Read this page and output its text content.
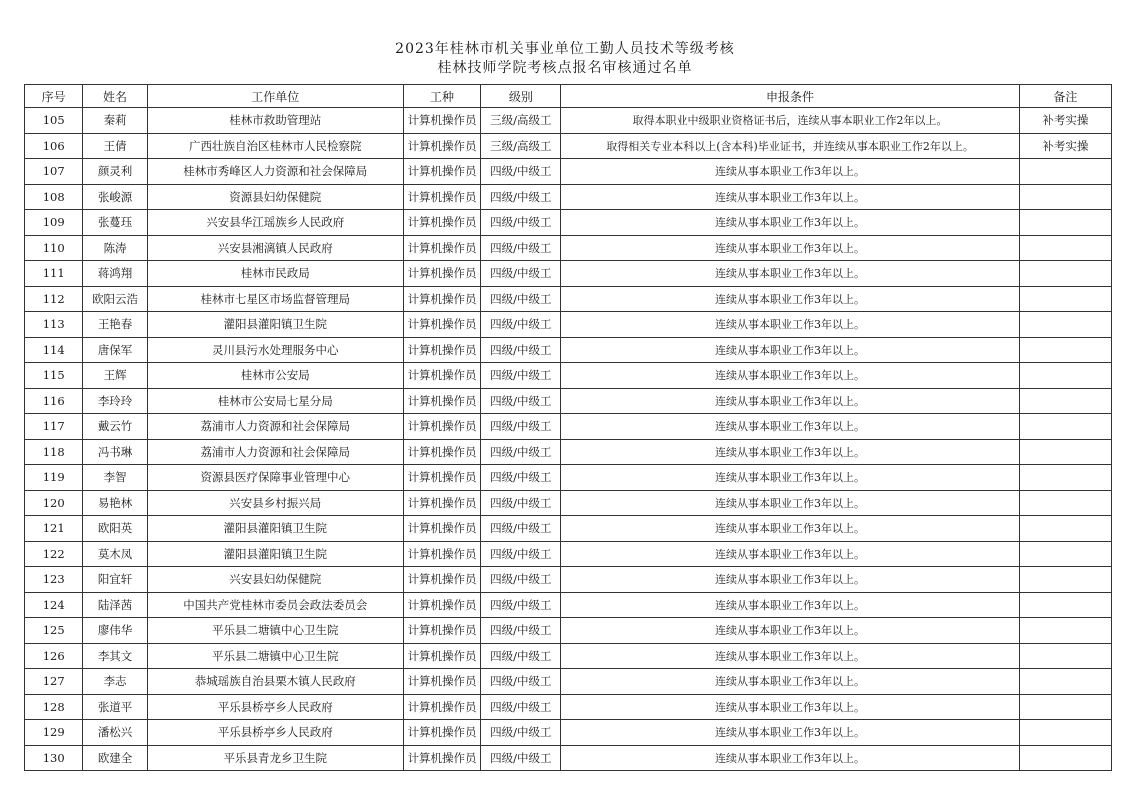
2023年桂林市机关事业单位工勤人员技术等级考核
桂林技师学院考核点报名审核通过名单
序号	姓名	工作单位	工种	级别	申报条件	备注
105	秦莉	桂林市救助管理站	计算机操作员	三级/高级工	取得本职业中级职业资格证书后，连续从事本职业工作2年以上。	补考实操
106	王倩	广西壮族自治区桂林市人民检察院	计算机操作员	三级/高级工	取得相关专业本科以上(含本科)毕业证书，并连续从事本职业工作2年以上。	补考实操
107	颜灵利	桂林市秀峰区人力资源和社会保障局	计算机操作员	四级/中级工	连续从事本职业工作3年以上。	
108	张峻源	资源县妇幼保健院	计算机操作员	四级/中级工	连续从事本职业工作3年以上。	
109	张蔓珏	兴安县华江瑶族乡人民政府	计算机操作员	四级/中级工	连续从事本职业工作3年以上。	
110	陈涛	兴安县湘漓镇人民政府	计算机操作员	四级/中级工	连续从事本职业工作3年以上。	
111	蒋鸿翔	桂林市民政局	计算机操作员	四级/中级工	连续从事本职业工作3年以上。	
112	欧阳云浩	桂林市七星区市场监督管理局	计算机操作员	四级/中级工	连续从事本职业工作3年以上。	
113	王艳春	灌阳县灌阳镇卫生院	计算机操作员	四级/中级工	连续从事本职业工作3年以上。	
114	唐保军	灵川县污水处理服务中心	计算机操作员	四级/中级工	连续从事本职业工作3年以上。	
115	王辉	桂林市公安局	计算机操作员	四级/中级工	连续从事本职业工作3年以上。	
116	李玲玲	桂林市公安局七星分局	计算机操作员	四级/中级工	连续从事本职业工作3年以上。	
117	戴云竹	荔浦市人力资源和社会保障局	计算机操作员	四级/中级工	连续从事本职业工作3年以上。	
118	冯书琳	荔浦市人力资源和社会保障局	计算机操作员	四级/中级工	连续从事本职业工作3年以上。	
119	李智	资源县医疗保障事业管理中心	计算机操作员	四级/中级工	连续从事本职业工作3年以上。	
120	易艳林	兴安县乡村振兴局	计算机操作员	四级/中级工	连续从事本职业工作3年以上。	
121	欧阳英	灌阳县灌阳镇卫生院	计算机操作员	四级/中级工	连续从事本职业工作3年以上。	
122	莫木凤	灌阳县灌阳镇卫生院	计算机操作员	四级/中级工	连续从事本职业工作3年以上。	
123	阳宜轩	兴安县妇幼保健院	计算机操作员	四级/中级工	连续从事本职业工作3年以上。	
124	陆泽茜	中国共产党桂林市委员会政法委员会	计算机操作员	四级/中级工	连续从事本职业工作3年以上。	
125	廖伟华	平乐县二塘镇中心卫生院	计算机操作员	四级/中级工	连续从事本职业工作3年以上。	
126	李其文	平乐县二塘镇中心卫生院	计算机操作员	四级/中级工	连续从事本职业工作3年以上。	
127	李志	恭城瑶族自治县栗木镇人民政府	计算机操作员	四级/中级工	连续从事本职业工作3年以上。	
128	张道平	平乐县桥亭乡人民政府	计算机操作员	四级/中级工	连续从事本职业工作3年以上。	
129	潘松兴	平乐县桥亭乡人民政府	计算机操作员	四级/中级工	连续从事本职业工作3年以上。	
130	欧建全	平乐县青龙乡卫生院	计算机操作员	四级/中级工	连续从事本职业工作3年以上。	
